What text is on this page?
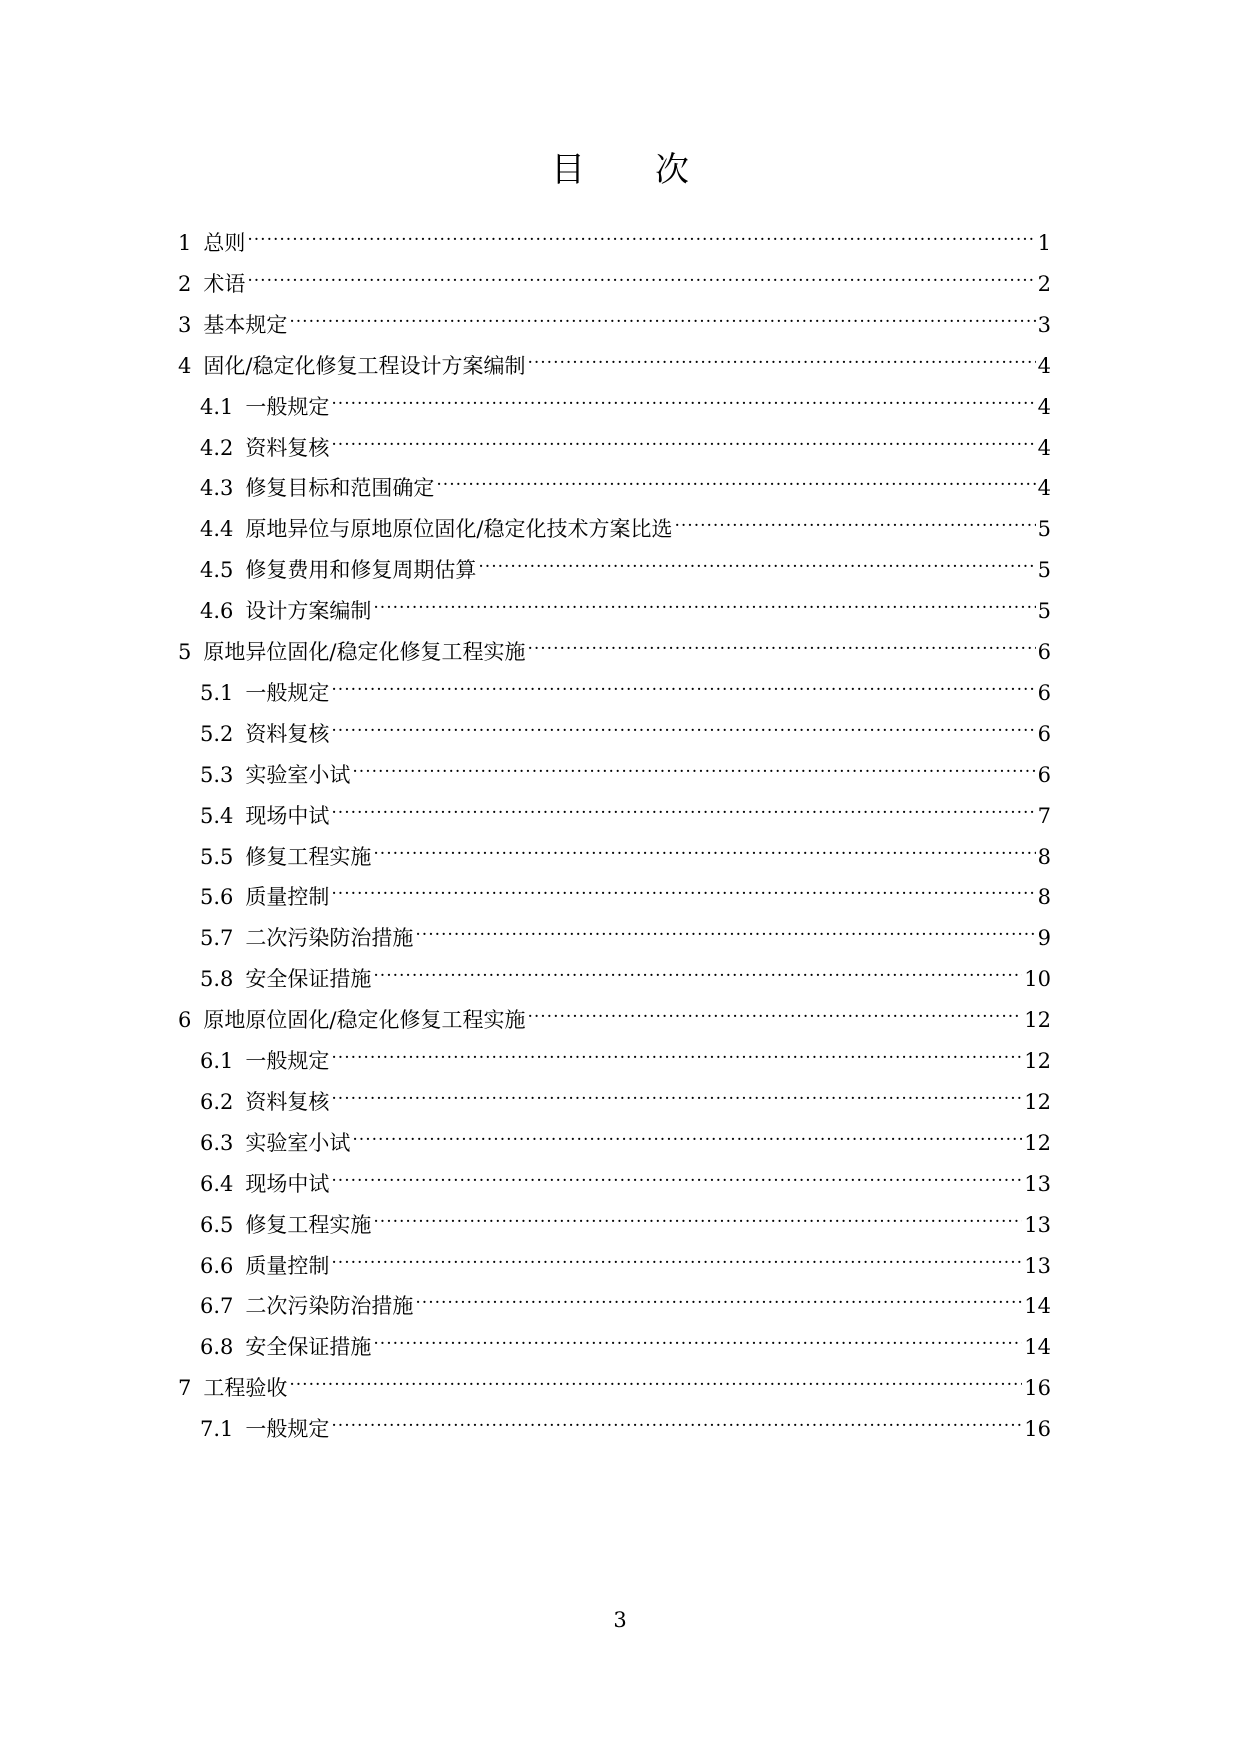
目 次
1 总则 .....	1
2 术语 .....	2
3 基本规定 .....	3
4 固化/稳定化修复工程设计方案编制 .....	4
4.1 一般规定 .....	4
4.2 资料复核 .....	4
4.3 修复目标和范围确定 .....	4
4.4 原地异位与原地原位固化/稳定化技术方案比选 .....	5
4.5 修复费用和修复周期估算 .....	5
4.6 设计方案编制 .....	5
5 原地异位固化/稳定化修复工程实施 .....	6
5.1 一般规定 .....	6
5.2 资料复核 .....	6
5.3 实验室小试 .....	6
5.4 现场中试 .....	7
5.5 修复工程实施 .....	8
5.6 质量控制 .....	8
5.7 二次污染防治措施 .....	9
5.8 安全保证措施 .....	10
6 原地原位固化/稳定化修复工程实施 .....	12
6.1 一般规定 .....	12
6.2 资料复核 .....	12
6.3 实验室小试 .....	12
6.4 现场中试 .....	13
6.5 修复工程实施 .....	13
6.6 质量控制 .....	13
6.7 二次污染防治措施 .....	14
6.8 安全保证措施 .....	14
7 工程验收 .....	16
7.1 一般规定 .....	16
3
